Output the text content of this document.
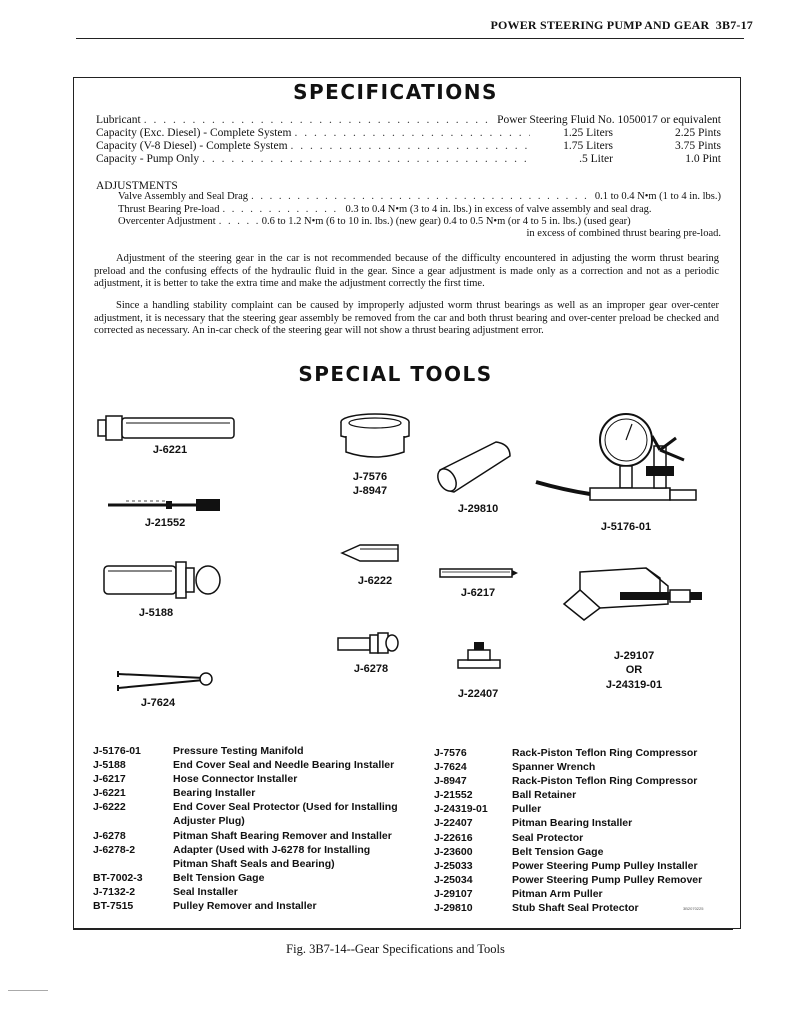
POWER STEERING PUMP AND GEAR 3B7-17
SPECIFICATIONS
Lubricant . . .	Power Steering Fluid No. 1050017 or equivalent
Capacity (Exc. Diesel) - Complete System . . .	1.25 Liters	2.25 Pints
Capacity (V-8 Diesel) - Complete System . . .	1.75 Liters	3.75 Pints
Capacity - Pump Only . . .	.5 Liter	1.0 Pint
ADJUSTMENTS
Valve Assembly and Seal Drag . . .	0.1 to 0.4 N•m (1 to 4 in. lbs.)
Thrust Bearing Pre-load . . .	0.3 to 0.4 N•m (3 to 4 in. lbs.) in excess of valve assembly and seal drag.
Overcenter Adjustment . . .	0.6 to 1.2 N•m (6 to 10 in. lbs.) (new gear) 0.4 to 0.5 N•m (or 4 to 5 in. lbs.) (used gear)
in excess of combined thrust bearing pre-load.
Adjustment of the steering gear in the car is not recommended because of the difficulty encountered in adjusting the worm thrust bearing preload and the confusing effects of the hydraulic fluid in the gear. Since a gear adjustment is made only as a correction and not as a periodic adjustment, it is better to take the extra time and make the adjustment correctly the first time.
Since a handling stability complaint can be caused by improperly adjusted worm thrust bearings as well as an improper gear over-center adjustment, it is necessary that the steering gear assembly be removed from the car and both thrust bearing and over-center preload be checked and corrected as necessary. An in-car check of the steering gear will not show a thrust bearing adjustment error.
SPECIAL TOOLS
J-6221
J-21552
J-5188
J-7624
J-7576
J-8947
J-6222
J-6278
J-29810
J-6217
J-22407
J-5176-01
J-29107
OR
J-24319-01
J-5176-01	Pressure Testing Manifold
J-5188	End Cover Seal and Needle Bearing Installer
J-6217	Hose Connector Installer
J-6221	Bearing Installer
J-6222	End Cover Seal Protector (Used for Installing
Adjuster Plug)
J-6278	Pitman Shaft Bearing Remover and Installer
J-6278-2	Adapter (Used with J-6278 for Installing
Pitman Shaft Seals and Bearing)
BT-7002-3	Belt Tension Gage
J-7132-2	Seal Installer
BT-7515	Pulley Remover and Installer
J-7576	Rack-Piston Teflon Ring Compressor
J-7624	Spanner Wrench
J-8947	Rack-Piston Teflon Ring Compressor
J-21552	Ball Retainer
J-24319-01	Puller
J-22407	Pitman Bearing Installer
J-22616	Seal Protector
J-23600	Belt Tension Gage
J-25033	Power Steering Pump Pulley Installer
J-25034	Power Steering Pump Pulley Remover
J-29107	Pitman Arm Puller
J-29810	Stub Shaft Seal Protector	3B2070225
Fig. 3B7-14--Gear Specifications and Tools
